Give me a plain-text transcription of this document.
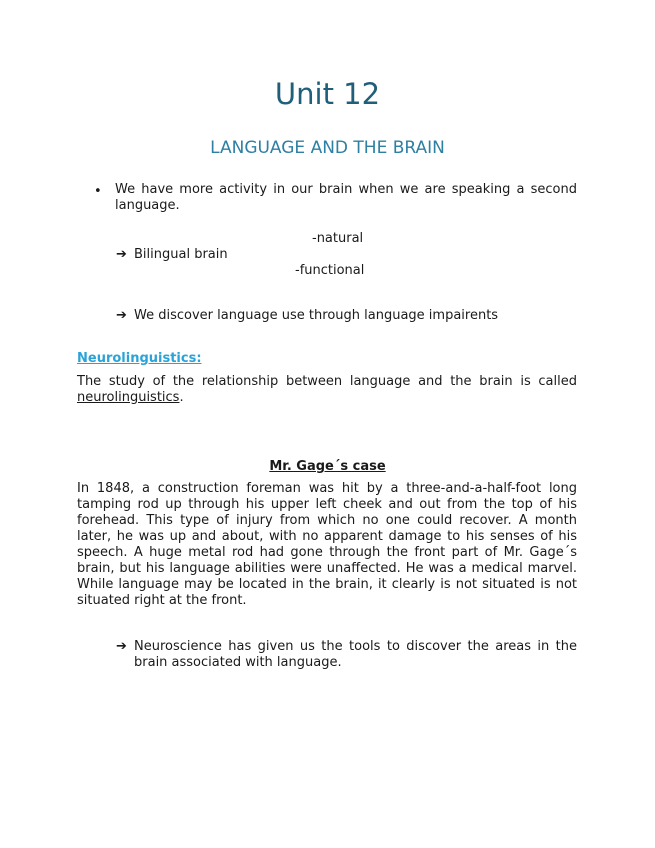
Unit 12
LANGUAGE AND THE BRAIN
• We have more activity in our brain when we are speaking a second language.
-natural
➔ Bilingual brain
-functional
➔ We discover language use through language impairents
Neurolinguistics:
The study of the relationship between language and the brain is called neurolinguistics.
Mr. Gage´s case
In 1848, a construction foreman was hit by a three-and-a-half-foot long tamping rod up through his upper left cheek and out from the top of his forehead. This type of injury from which no one could recover. A month later, he was up and about, with no apparent damage to his senses of his speech. A huge metal rod had gone through the front part of Mr. Gage´s brain, but his language abilities were unaffected. He was a medical marvel. While language may be located in the brain, it clearly is not situated is not situated right at the front.
➔ Neuroscience has given us the tools to discover the areas in the brain associated with language.
